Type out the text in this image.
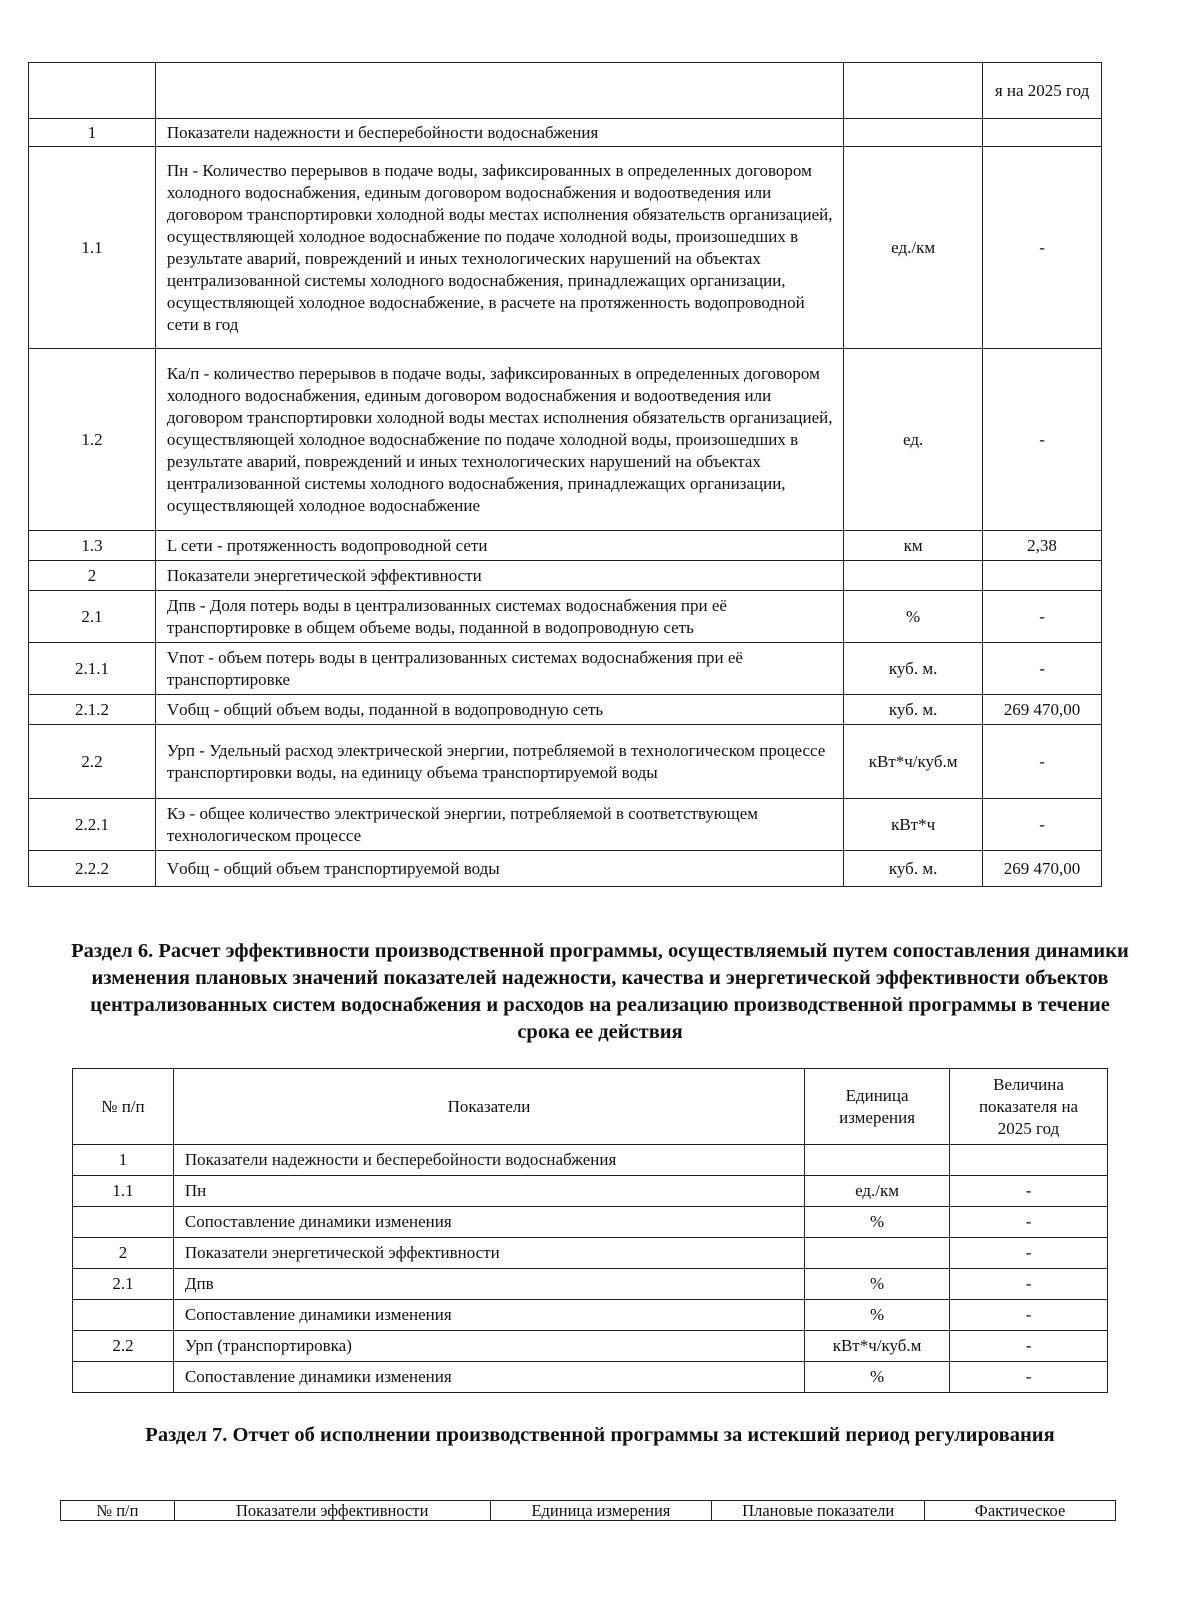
			я на 2025 год
1	Показатели надежности и бесперебойности водоснабжения		
1.1	Пн - Количество перерывов в подаче воды, зафиксированных в определенных договором холодного водоснабжения, единым договором водоснабжения и водоотведения или договором транспортировки холодной воды местах исполнения обязательств организацией, осуществляющей холодное водоснабжение по подаче холодной воды, произошедших в результате аварий, повреждений и иных технологических нарушений на объектах централизованной системы холодного водоснабжения, принадлежащих организации, осуществляющей холодное водоснабжение, в расчете на протяженность водопроводной сети в год	ед./км	-
1.2	Ка/п - количество перерывов в подаче воды, зафиксированных в определенных договором холодного водоснабжения, единым договором водоснабжения и водоотведения или договором транспортировки холодной воды местах исполнения обязательств организацией, осуществляющей холодное водоснабжение по подаче холодной воды, произошедших в результате аварий, повреждений и иных технологических нарушений на объектах централизованной системы холодного водоснабжения, принадлежащих организации, осуществляющей холодное водоснабжение	ед.	-
1.3	L сети - протяженность водопроводной сети	км	2,38
2	Показатели энергетической эффективности		
2.1	Дпв - Доля потерь воды в централизованных системах водоснабжения при её транспортировке в общем объеме воды, поданной в водопроводную сеть	%	-
2.1.1	Vпот - объем потерь воды в централизованных системах водоснабжения при её транспортировке	куб. м.	-
2.1.2	Vобщ - общий объем воды, поданной в водопроводную сеть	куб. м.	269 470,00
2.2	Урп - Удельный расход электрической энергии, потребляемой в технологическом процессе транспортировки воды, на единицу объема транспортируемой воды	кВт*ч/куб.м	-
2.2.1	Кэ - общее количество электрической энергии, потребляемой в соответствующем технологическом процессе	кВт*ч	-
2.2.2	Vобщ - общий объем транспортируемой воды	куб. м.	269 470,00
Раздел 6. Расчет эффективности производственной программы, осуществляемый путем сопоставления динамики изменения плановых значений показателей надежности, качества и энергетической эффективности объектов централизованных систем водоснабжения и расходов на реализацию производственной программы в течение срока ее действия
№ п/п	Показатели	Единица измерения	Величина показателя на 2025 год
1	Показатели надежности и бесперебойности водоснабжения		
1.1	Пн	ед./км	-
	Сопоставление динамики изменения	%	-
2	Показатели энергетической эффективности		-
2.1	Дпв	%	-
	Сопоставление динамики изменения	%	-
2.2	Урп (транспортировка)	кВт*ч/куб.м	-
	Сопоставление динамики изменения	%	-
Раздел 7. Отчет об исполнении производственной программы за истекший период регулирования
№ п/п	Показатели эффективности	Единица измерения	Плановые показатели	Фактическое
